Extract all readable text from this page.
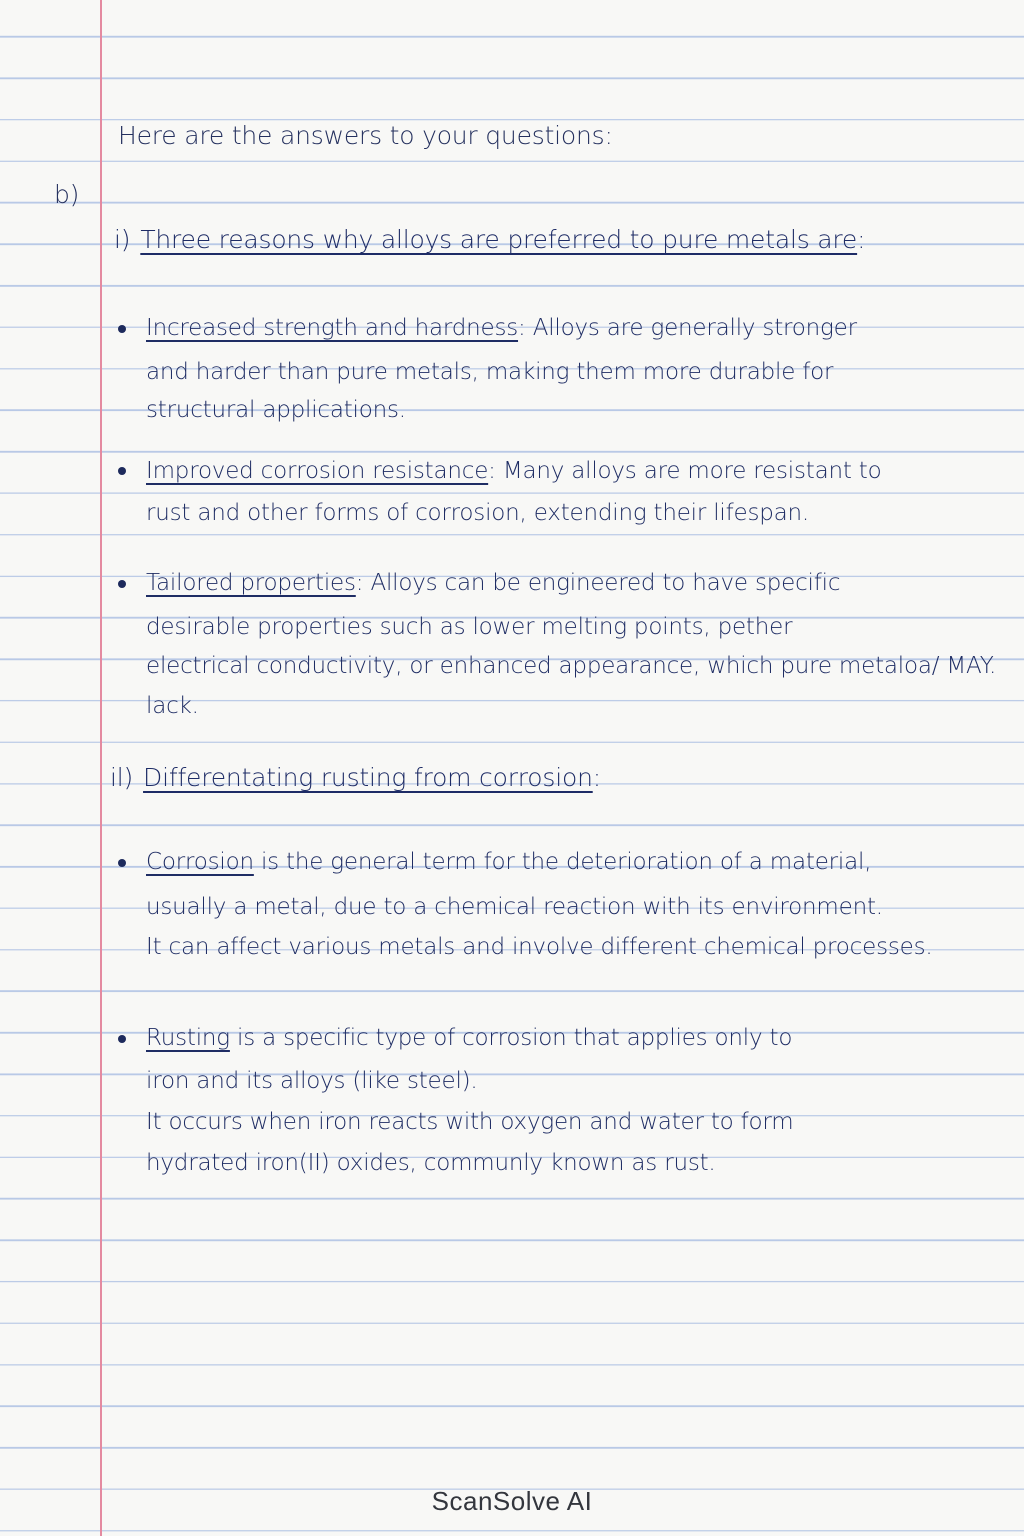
Here are the answers to your questions:
b)
i) Three reasons why alloys are preferred to pure metals are:
Increased strength and hardness: Alloys are generally stronger
and harder than pure metals, making them more durable for
structural applications.
Improved corrosion resistance: Many alloys are more resistant to
rust and other forms of corrosion, extending their lifespan.
Tailored properties: Alloys can be engineered to have specific
desirable properties such as lower melting points, pether
electrical conductivity, or enhanced appearance, which pure metaloa/ MAY.
lack.
il) Differentating rusting from corrosion:
Corrosion is the general term for the deterioration of a material,
usually a metal, due to a chemical reaction with its environment.
It can affect various metals and involve different chemical processes.
Rusting is a specific type of corrosion that applies only to
iron and its alloys (like steel).
It occurs when iron reacts with oxygen and water to form
hydrated iron(II) oxides, communly known as rust.
ScanSolve AI
